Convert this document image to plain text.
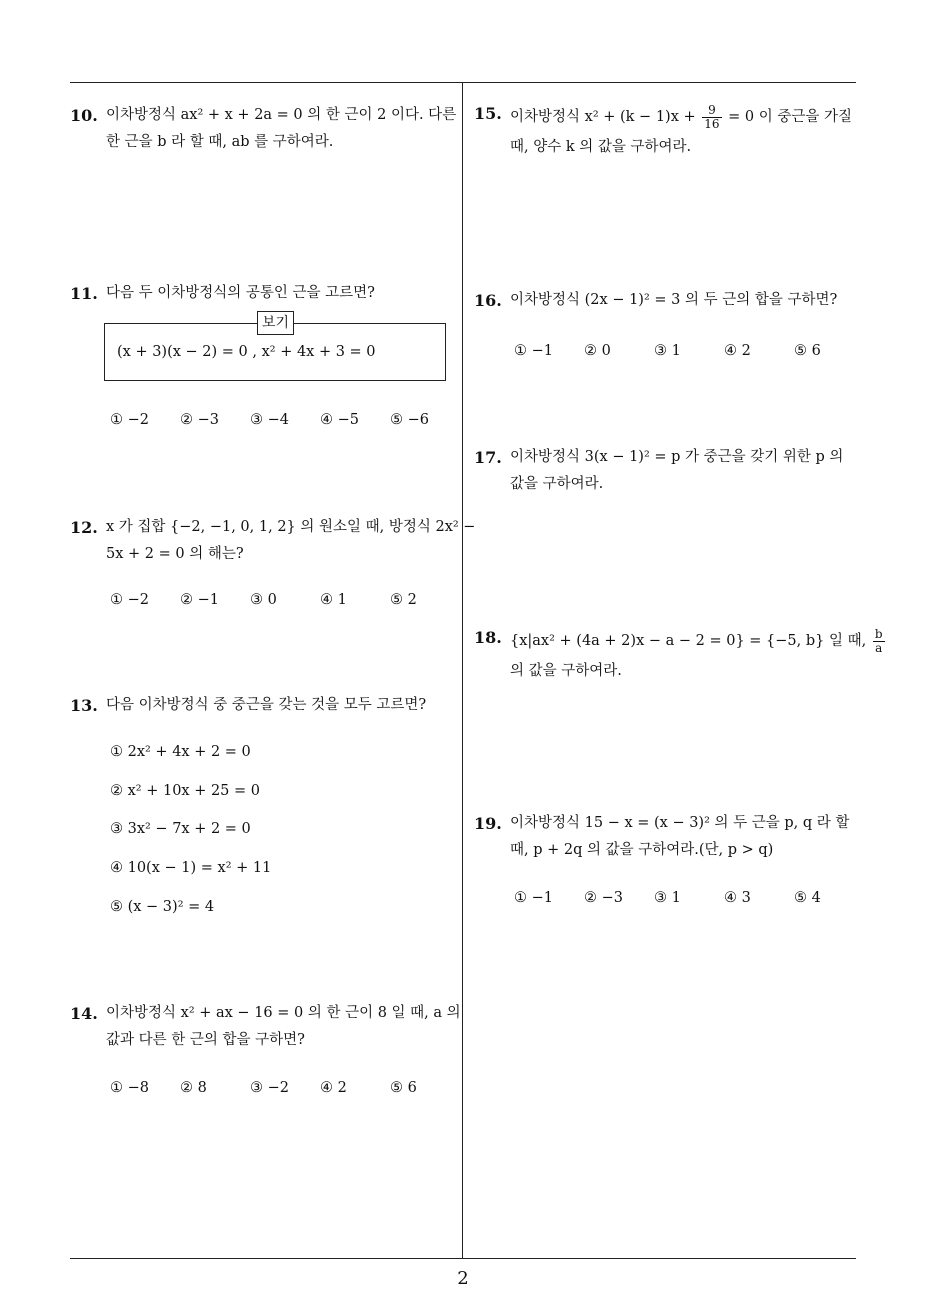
10. 이차방정식 ax² + x + 2a = 0 의 한 근이 2 이다. 다른
한 근을 b 라 할 때, ab 를 구하여라.
11. 다음 두 이차방정식의 공통인 근을 고르면?
보기
(x + 3)(x − 2) = 0 , x² + 4x + 3 = 0
① −2 ② −3 ③ −4 ④ −5 ⑤ −6
12. x 가 집합 {−2, −1, 0, 1, 2} 의 원소일 때, 방정식 2x² −
5x + 2 = 0 의 해는?
① −2 ② −1 ③ 0	④ 1	⑤ 2
13. 다음 이차방정식 중 중근을 갖는 것을 모두 고르면?
① 2x² + 4x + 2 = 0
② x² + 10x + 25 = 0
③ 3x² − 7x + 2 = 0
④ 10(x − 1) = x² + 11
⑤ (x − 3)² = 4
14. 이차방정식 x² + ax − 16 = 0 의 한 근이 8 일 때, a 의
값과 다른 한 근의 합을 구하면?
① −8 ② 8	③ −2 ④ 2	⑤ 6
15. 이차방정식 $x^2 + (k - 1)x + \frac{9}{16} = 0$ 이 중근을 가질
때, 양수 k 의 값을 구하여라.
16. 이차방정식 (2x − 1)² = 3 의 두 근의 합을 구하면?
① −1 ② 0	③ 1	④ 2	⑤ 6
17. 이차방정식 3(x − 1)² = p 가 중근을 갖기 위한 p 의
값을 구하여라.
18. {x|ax² + (4a + 2)x − a − 2 = 0} = {−5, b} 일 때, $\frac{b}{a}$
의 값을 구하여라.
19. 이차방정식 15 − x = (x − 3)² 의 두 근을 p, q 라 할
때, p + 2q 의 값을 구하여라.(단, p > q)
① −1 ② −3 ③ 1	④ 3	⑤ 4
2
